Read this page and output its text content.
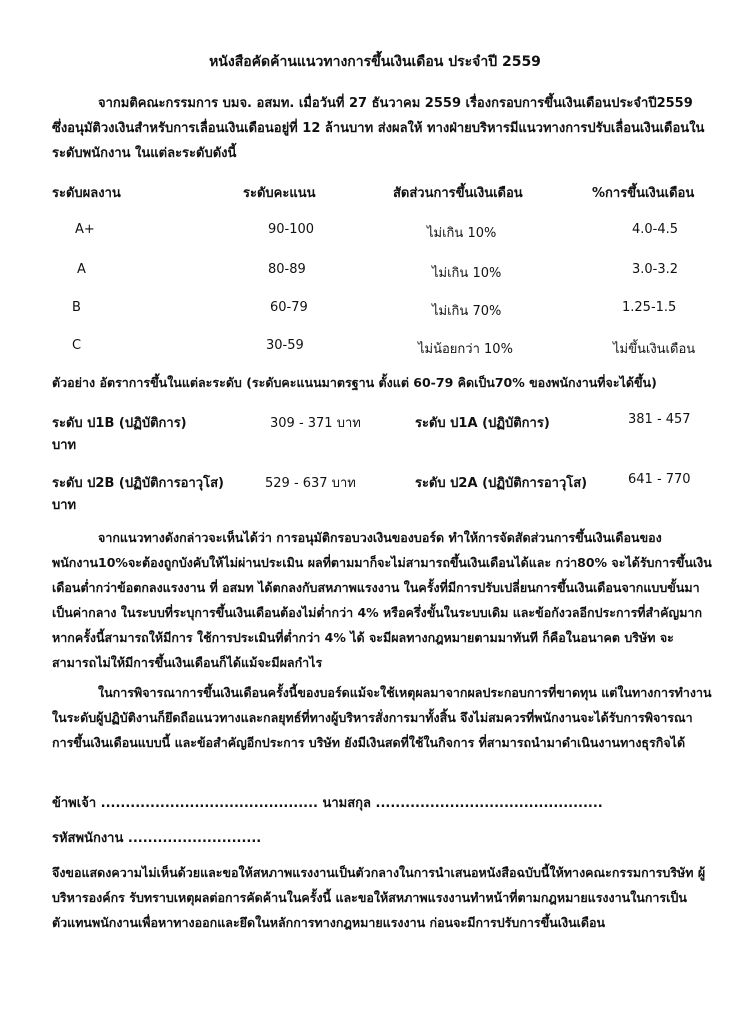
หนังสือคัดค้านแนวทางการขึ้นเงินเดือน ประจำปี 2559
จากมติคณะกรรมการ บมจ. อสมท. เมื่อวันที่ 27 ธันวาคม 2559 เรื่องกรอบการขึ้นเงินเดือนประจำปี2559 ซึ่งอนุมัติวงเงินสำหรับการเลื่อนเงินเดือนอยู่ที่ 12 ล้านบาท ส่งผลให้ ทางฝ่ายบริหารมีแนวทางการปรับเลื่อนเงินเดือนในระดับพนักงาน ในแต่ละระดับดังนี้
ระดับผลงาน	ระดับคะแนน	สัดส่วนการขึ้นเงินเดือน	%การขึ้นเงินเดือน
A+	90-100	ไม่เกิน 10%	4.0-4.5
A	80-89	ไม่เกิน 10%	3.0-3.2
B	60-79	ไม่เกิน 70%	1.25-1.5
C	30-59	ไม่น้อยกว่า 10%	ไม่ขึ้นเงินเดือน
ตัวอย่าง อัตราการขึ้นในแต่ละระดับ (ระดับคะแนนมาตรฐาน ตั้งแต่ 60-79 คิดเป็น70% ของพนักงานที่จะได้ขึ้น)
ระดับ ป1B (ปฏิบัติการ)	309 - 371 บาท	ระดับ ป1A (ปฏิบัติการ)	381 - 457
บาท
ระดับ ป2B (ปฏิบัติการอาวุโส)	529 - 637 บาท	ระดับ ป2A (ปฏิบัติการอาวุโส)	641 - 770
บาท
จากแนวทางดังกล่าวจะเห็นได้ว่า การอนุมัติกรอบวงเงินของบอร์ด ทำให้การจัดสัดส่วนการขึ้นเงินเดือนของพนักงาน10%จะต้องถูกบังคับให้ไม่ผ่านประเมิน ผลที่ตามมาก็จะไม่สามารถขึ้นเงินเดือนได้และ กว่า80% จะได้รับการขึ้นเงินเดือนต่ำกว่าข้อตกลงแรงงาน ที่ อสมท ได้ตกลงกับสหภาพแรงงาน ในครั้งที่มีการปรับเปลี่ยนการขึ้นเงินเดือนจากแบบขั้นมาเป็นค่ากลาง ในระบบที่ระบุการขึ้นเงินเดือนต้องไม่ต่ำกว่า 4% หรือครึ่งขั้นในระบบเดิม และข้อกังวลอีกประการที่สำคัญมากหากครั้งนี้สามารถให้มีการ ใช้การประเมินที่ต่ำกว่า 4% ได้ จะมีผลทางกฎหมายตามมาทันที ก็คือในอนาคต บริษัท จะสามารถไม่ให้มีการขึ้นเงินเดือนก็ได้แม้จะมีผลกำไร
ในการพิจารณาการขึ้นเงินเดือนครั้งนี้ของบอร์ดแม้จะใช้เหตุผลมาจากผลประกอบการที่ขาดทุน แต่ในทางการทำงานในระดับผู้ปฏิบัติงานก็ยึดถือแนวทางและกลยุทธ์ที่ทางผู้บริหารสั่งการมาทั้งสิ้น จึงไม่สมควรที่พนักงานจะได้รับการพิจารณาการขึ้นเงินเดือนแบบนี้ และข้อสำคัญอีกประการ บริษัท ยังมีเงินสดที่ใช้ในกิจการ ที่สามารถนำมาดำเนินงานทางธุรกิจได้
ข้าพเจ้า ............................................ นามสกุล ..............................................
รหัสพนักงาน ...........................
จึงขอแสดงความไม่เห็นด้วยและขอให้สหภาพแรงงานเป็นตัวกลางในการนำเสนอหนังสือฉบับนี้ให้ทางคณะกรรมการบริษัท ผู้บริหารองค์กร รับทราบเหตุผลต่อการคัดค้านในครั้งนี้ และขอให้สหภาพแรงงานทำหน้าที่ตามกฎหมายแรงงานในการเป็นตัวแทนพนักงานเพื่อหาทางออกและยึดในหลักการทางกฎหมายแรงงาน ก่อนจะมีการปรับการขึ้นเงินเดือน
